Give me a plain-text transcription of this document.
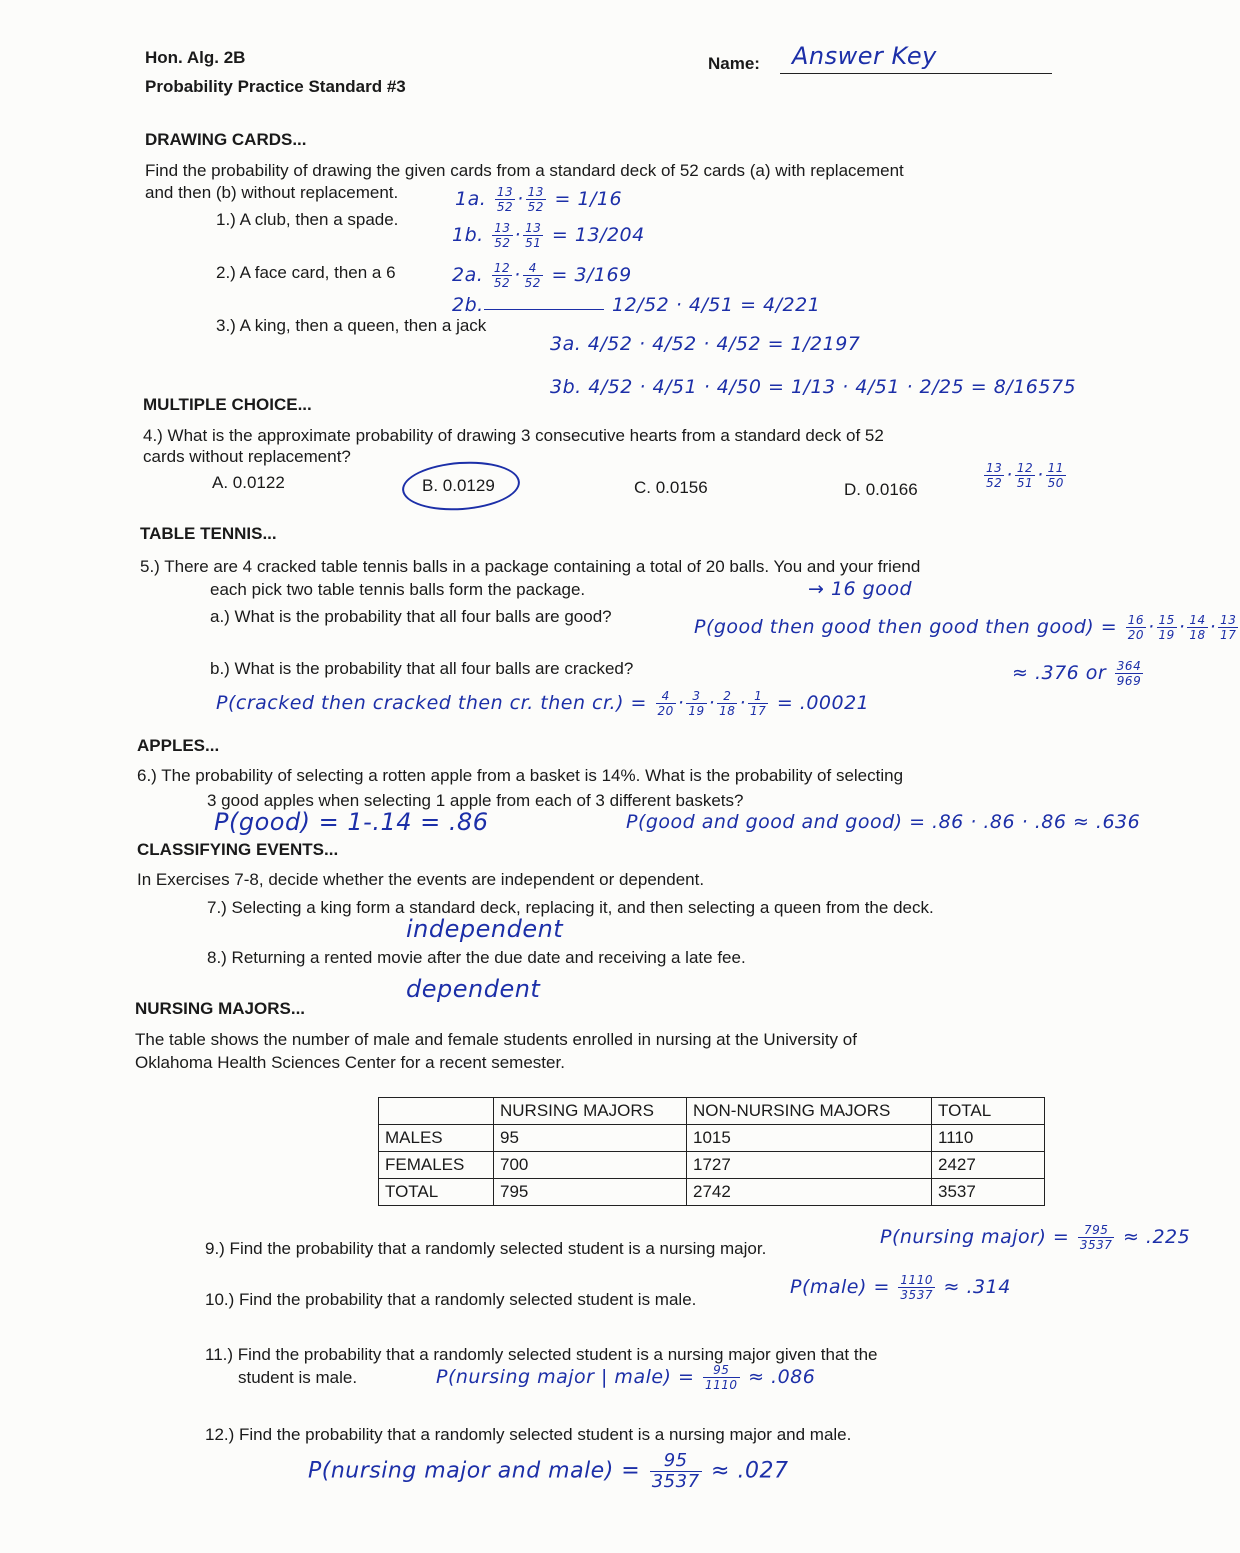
Hon. Alg. 2B
Probability Practice Standard #3
Name: Answer Key
DRAWING CARDS...
Find the probability of drawing the given cards from a standard deck of 52 cards (a) with replacement
and then (b) without replacement.
1.) A club, then a spade.
2.) A face card, then a 6
3.) A king, then a queen, then a jack
1a. $\frac{13}{52} \cdot \frac{13}{52} = 1/16$
1b. $\frac{13}{52} \cdot \frac{13}{51} = 13/204$
2a. $\frac{12}{52} \cdot \frac{4}{52} = 3/169$
2b.	12/52 · 4/51 = 4/221
3a. 4/52 · 4/52 · 4/52 = 1/2197
3b. 4/52 · 4/51 · 4/50 = 1/13 · 4/51 · 2/25 = 8/16575
MULTIPLE CHOICE...
4.) What is the approximate probability of drawing 3 consecutive hearts from a standard deck of 52
cards without replacement?
A. 0.0122	B. 0.0129	C. 0.0156	D. 0.0166
$\frac{13}{52} \cdot \frac{12}{51} \cdot \frac{11}{50}$
TABLE TENNIS...
5.) There are 4 cracked table tennis balls in a package containing a total of 20 balls. You and your friend
each pick two table tennis balls form the package.	→ 16 good
a.) What is the probability that all four balls are good?	P(good then good then good then good) = $\frac{16}{20} \cdot \frac{15}{19} \cdot \frac{14}{18} \cdot \frac{13}{17}$
≈ .376 or $\frac{364}{969}$
b.) What is the probability that all four balls are cracked?
P(cracked then cracked then cr. then $cr.) = \frac{4}{20} \cdot \frac{3}{19} \cdot \frac{2}{18} \cdot \frac{1}{17} = .00021$
APPLES...
6.) The probability of selecting a rotten apple from a basket is 14%. What is the probability of selecting
3 good apples when selecting 1 apple from each of 3 different baskets?
P(good) = 1-.14 = .86	P(good and good and good) = .86 · .86 · .86 ≈ .636
CLASSIFYING EVENTS...
In Exercises 7-8, decide whether the events are independent or dependent.
7.) Selecting a king form a standard deck, replacing it, and then selecting a queen from the deck.
independent
8.) Returning a rented movie after the due date and receiving a late fee.
dependent
NURSING MAJORS...
The table shows the number of male and female students enrolled in nursing at the University of
Oklahoma Health Sciences Center for a recent semester.
	NURSING MAJORS	NON-NURSING MAJORS	TOTAL
MALES	95	1015	1110
FEMALES	700	1727	2427
TOTAL	795	2742	3537
9.) Find the probability that a randomly selected student is a nursing major.
P(nursing major) = $\frac{795}{3537} \approx .225$
10.) Find the probability that a randomly selected student is male.
P(male) = $\frac{1110}{3537} \approx .314$
11.) Find the probability that a randomly selected student is a nursing major given that the
student is male.	P(nursing major | male) = $\frac{95}{1110} \approx .086$
12.) Find the probability that a randomly selected student is a nursing major and male.
P(nursing major and male) = $\frac{95}{3537} \approx .027$
